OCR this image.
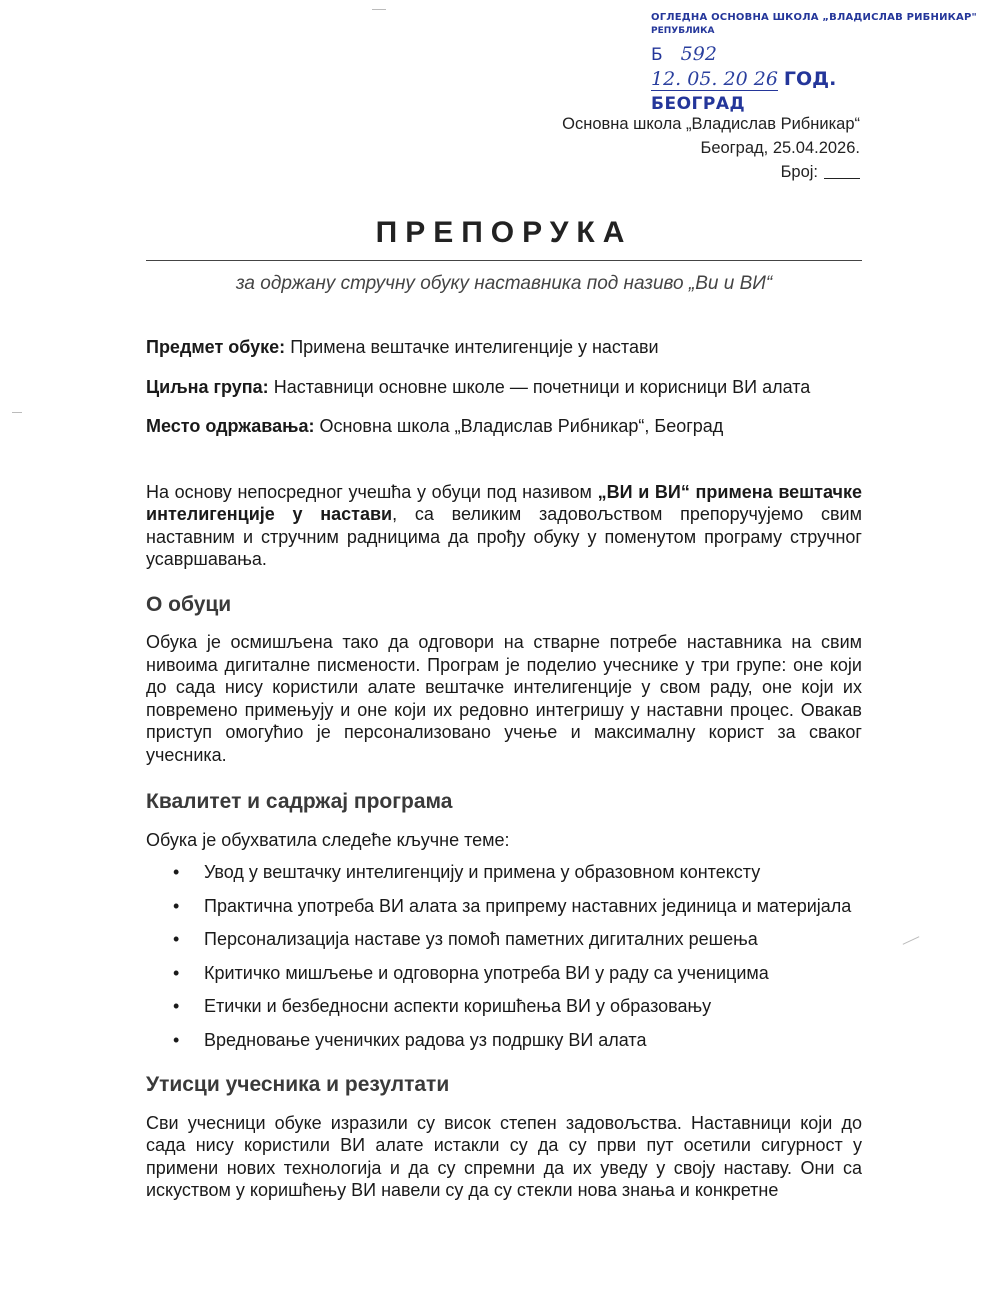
ОГЛЕДНА ОСНОВНА ШКОЛА „ВЛАДИСЛАВ РИБНИКАР"
РЕПУБЛИКА
Б 592
12. 05. 20 26 ГОД.
БЕОГРАД
Основна школа „Владислав Рибникар“
Београд, 25.04.2026.
Број:
ПРЕПОРУКА
за одржану стручну обуку наставника под називо „Ви и ВИ“

Предмет обуке: Примена вештачке интелигенције у настави

Циљна група: Наставници основне школе — почетници и корисници ВИ алата

Место одржавања: Основна школа „Владислав Рибникар“, Београд

На основу непосредног учешћа у обуци под називом „ВИ и ВИ“ примена вештачке интелигенције у настави, са великим задовољством препоручујемо свим наставним и стручним радницима да прођу обуку у поменутом програму стручног усавршавања.

О обуци

Обука је осмишљена тако да одговори на стварне потребе наставника на свим нивоима дигиталне писмености. Програм је поделио учеснике у три групе: оне који до сада нису користили алате вештачке интелигенције у свом раду, оне који их повремено примењују и оне који их редовно интегришу у наставни процес. Овакав приступ омогућио је персонализовано учење и максималну корист за сваког учесника.

Квалитет и садржај програма

Обука је обухватила следеће кључне теме:

• Увод у вештачку интелигенцију и примена у образовном контексту
• Практична употреба ВИ алата за припрему наставних јединица и материјала
• Персонализација наставе уз помоћ паметних дигиталних решења
• Критичко мишљење и одговорна употреба ВИ у раду са ученицима
• Етички и безбедносни аспекти коришћења ВИ у образовању
• Вредновање ученичких радова уз подршку ВИ алата
Утисци учесника и резултати

Сви учесници обуке изразили су висок степен задовољства. Наставници који до сада нису користили ВИ алате истакли су да су први пут осетили сигурност у примени нових технологија и да су спремни да их уведу у своју наставу. Они са искуством у коришћењу ВИ навели су да су стекли нова знања и конкретне
